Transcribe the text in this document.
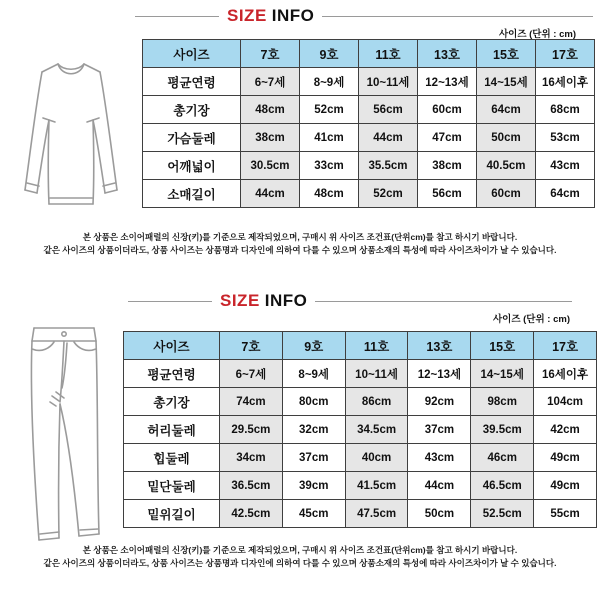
SIZE INFO
사이즈 (단위 : cm)
사이즈	7호	9호	11호	13호	15호	17호
평균연령	6~7세	8~9세	10~11세	12~13세	14~15세	16세이후
총기장	48cm	52cm	56cm	60cm	64cm	68cm
가슴둘레	38cm	41cm	44cm	47cm	50cm	53cm
어깨넓이	30.5cm	33cm	35.5cm	38cm	40.5cm	43cm
소매길이	44cm	48cm	52cm	56cm	60cm	64cm
본 상품은 소이어패럴의 신장(키)를 기준으로 제작되었으며, 구매시 위 사이즈 조건표(단위cm)를 참고 하시기 바랍니다.
같은 사이즈의 상품이더라도, 상품 사이즈는 상품명과 디자인에 의하여 다를 수 있으며 상품소재의 특성에 따라 사이즈차이가 날 수 있습니다.
SIZE INFO
사이즈 (단위 : cm)
사이즈	7호	9호	11호	13호	15호	17호
평균연령	6~7세	8~9세	10~11세	12~13세	14~15세	16세이후
총기장	74cm	80cm	86cm	92cm	98cm	104cm
허리둘레	29.5cm	32cm	34.5cm	37cm	39.5cm	42cm
힙둘레	34cm	37cm	40cm	43cm	46cm	49cm
밑단둘레	36.5cm	39cm	41.5cm	44cm	46.5cm	49cm
밑위길이	42.5cm	45cm	47.5cm	50cm	52.5cm	55cm
본 상품은 소이어패럴의 신장(키)를 기준으로 제작되었으며, 구매시 위 사이즈 조건표(단위cm)를 참고 하시기 바랍니다.
같은 사이즈의 상품이더라도, 상품 사이즈는 상품명과 디자인에 의하여 다를 수 있으며 상품소재의 특성에 따라 사이즈차이가 날 수 있습니다.
